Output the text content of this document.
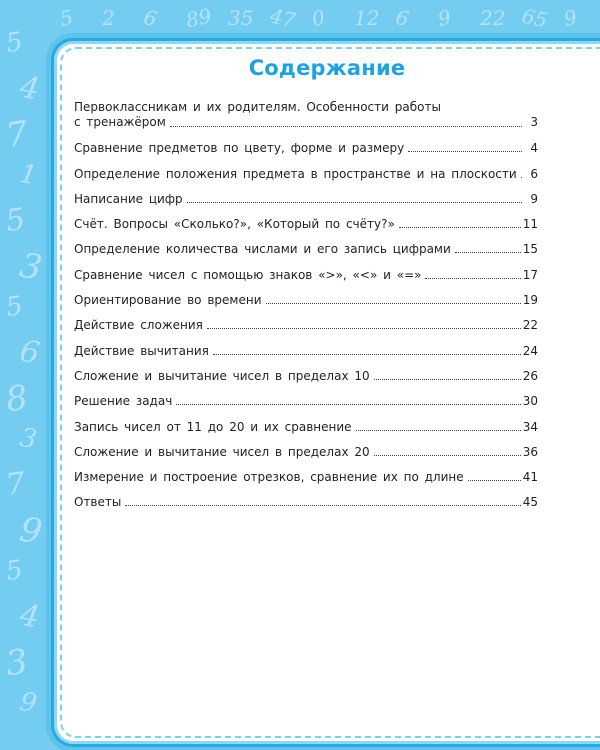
5 2 6 89 35 47 0 12 6 9 22 65 9
5
4
7
1
5
3
5
6
8
3
7
9
5
4
3
9
Содержание
Первоклассникам и их родителям. Особенности работы
с тренажёром	3
Сравнение предметов по цвету, форме и размеру	4
Определение положения предмета в пространстве и на плоскости	6
Написание цифр	9
Счёт. Вопросы «Сколько?», «Который по счёту?»	11
Определение количества числами и его запись цифрами	15
Сравнение чисел с помощью знаков «>», «<» и «=»	17
Ориентирование во времени	19
Действие сложения	22
Действие вычитания	24
Сложение и вычитание чисел в пределах 10	26
Решение задач	30
Запись чисел от 11 до 20 и их сравнение	34
Сложение и вычитание чисел в пределах 20	36
Измерение и построение отрезков, сравнение их по длине	41
Ответы	45
